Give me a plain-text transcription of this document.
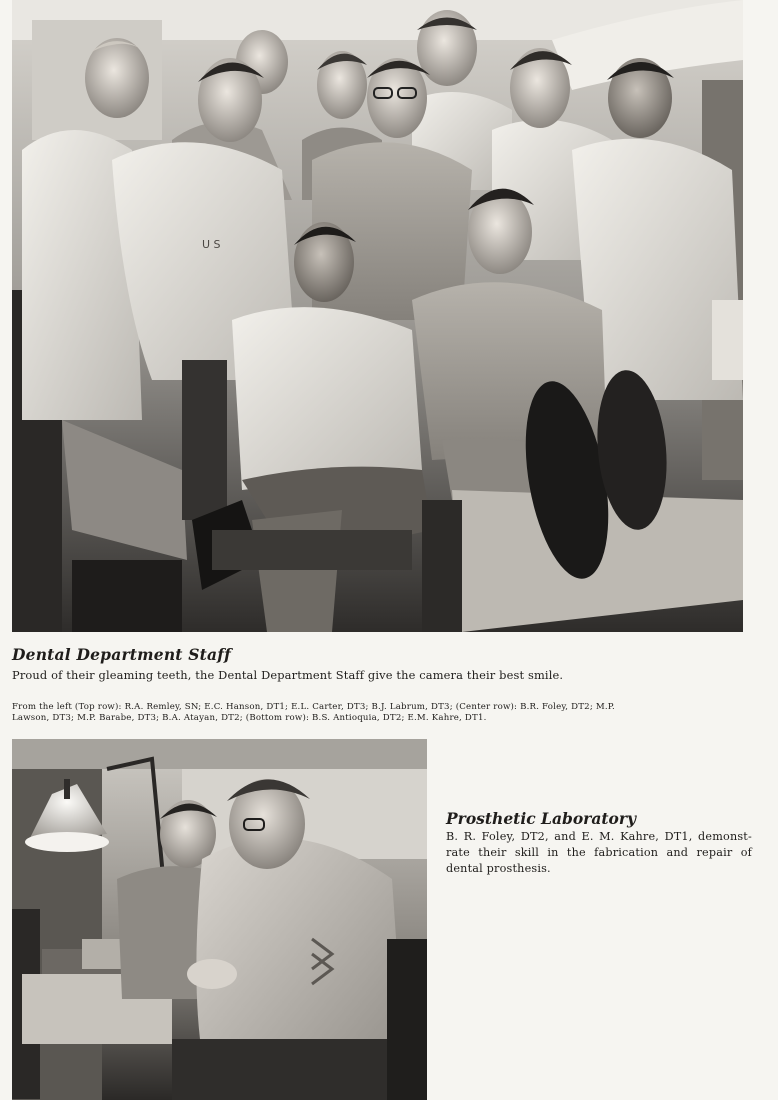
U S
Dental Department Staff
Proud of their gleaming teeth, the Dental Department Staff give the camera their best smile.
From the left (Top row): R.A. Remley, SN; E.C. Hanson, DT1; E.L. Carter, DT3; B.J. Labrum, DT3; (Center row): B.R. Foley, DT2; M.P.
Lawson, DT3; M.P. Barabe, DT3; B.A. Atayan, DT2; (Bottom row): B.S. Antioquia, DT2; E.M. Kahre, DT1.
Prosthetic Laboratory
B. R. Foley, DT2, and E. M. Kahre, DT1, demonst-
rate their skill in the fabrication and repair of
dental prosthesis.
